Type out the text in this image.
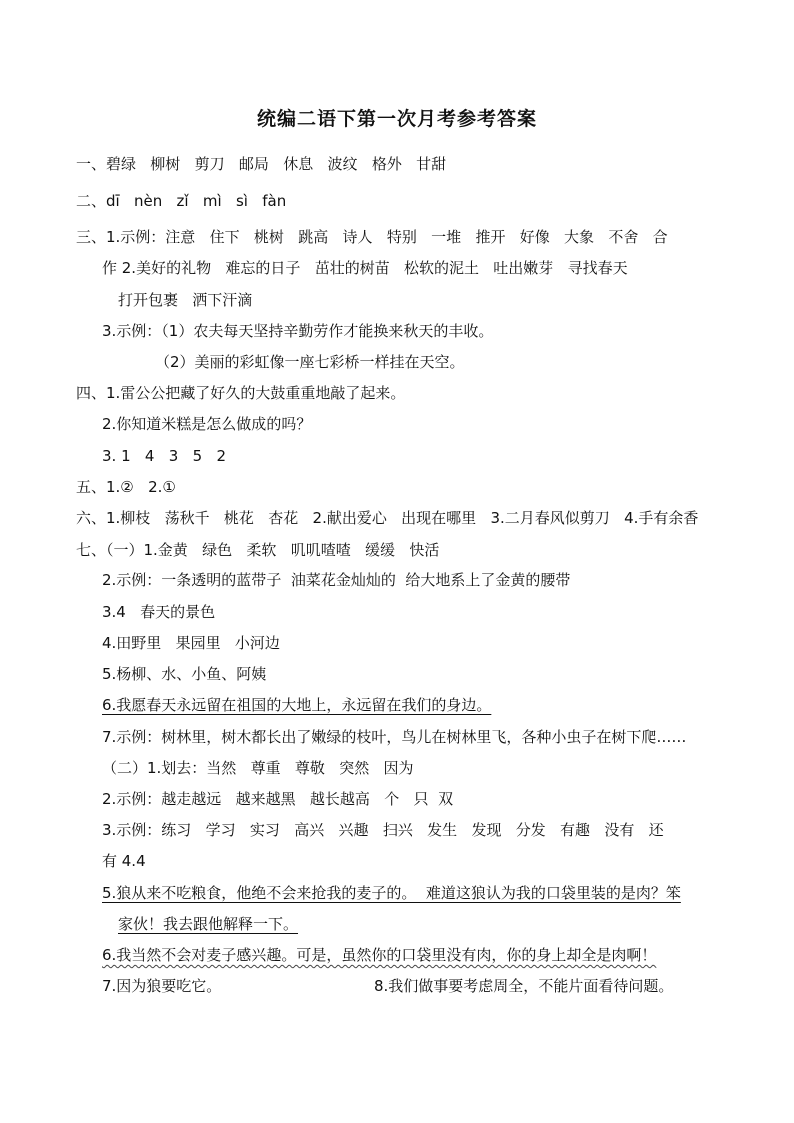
统编二语下第一次月考参考答案
一、碧绿   柳树   剪刀   邮局   休息   波纹   格外   甘甜
二、dī   nèn   zǐ   mì   sì   fàn
三、1.示例：注意   住下   桃树   跳高   诗人   特别   一堆   推开   好像   大象   不舍   合
作 2.美好的礼物   难忘的日子   茁壮的树苗   松软的泥土   吐出嫩芽   寻找春天
打开包裹   洒下汗滴
3.示例：（1）农夫每天坚持辛勤劳作才能换来秋天的丰收。
（2）美丽的彩虹像一座七彩桥一样挂在天空。
四、1.雷公公把藏了好久的大鼓重重地敲了起来。
2.你知道米糕是怎么做成的吗？
3. 1   4   3   5   2
五、1.②   2.①
六、1.柳枝   荡秋千   桃花   杏花   2.献出爱心   出现在哪里   3.二月春风似剪刀   4.手有余香
七、（一）1.金黄   绿色   柔软   叽叽喳喳   缓缓   快活
2.示例：一条透明的蓝带子  油菜花金灿灿的  给大地系上了金黄的腰带
3.4   春天的景色
4.田野里   果园里   小河边
5.杨柳、水、小鱼、阿姨
6.我愿春天永远留在祖国的大地上，永远留在我们的身边。
7.示例：树林里，树木都长出了嫩绿的枝叶，鸟儿在树林里飞，各种小虫子在树下爬……
（二）1.划去：当然   尊重   尊敬   突然   因为
2.示例：越走越远   越来越黑   越长越高   个   只  双
3.示例：练习   学习   实习   高兴   兴趣   扫兴   发生   发现   分发   有趣   没有   还
有 4.4
5.狼从来不吃粮食，他绝不会来抢我的麦子的。  难道这狼认为我的口袋里装的是肉？笨
家伙！我去跟他解释一下。
6.我当然不会对麦子感兴趣。可是，虽然你的口袋里没有肉，你的身上却全是肉啊！
7.因为狼要吃它。	8.我们做事要考虑周全，不能片面看待问题。
